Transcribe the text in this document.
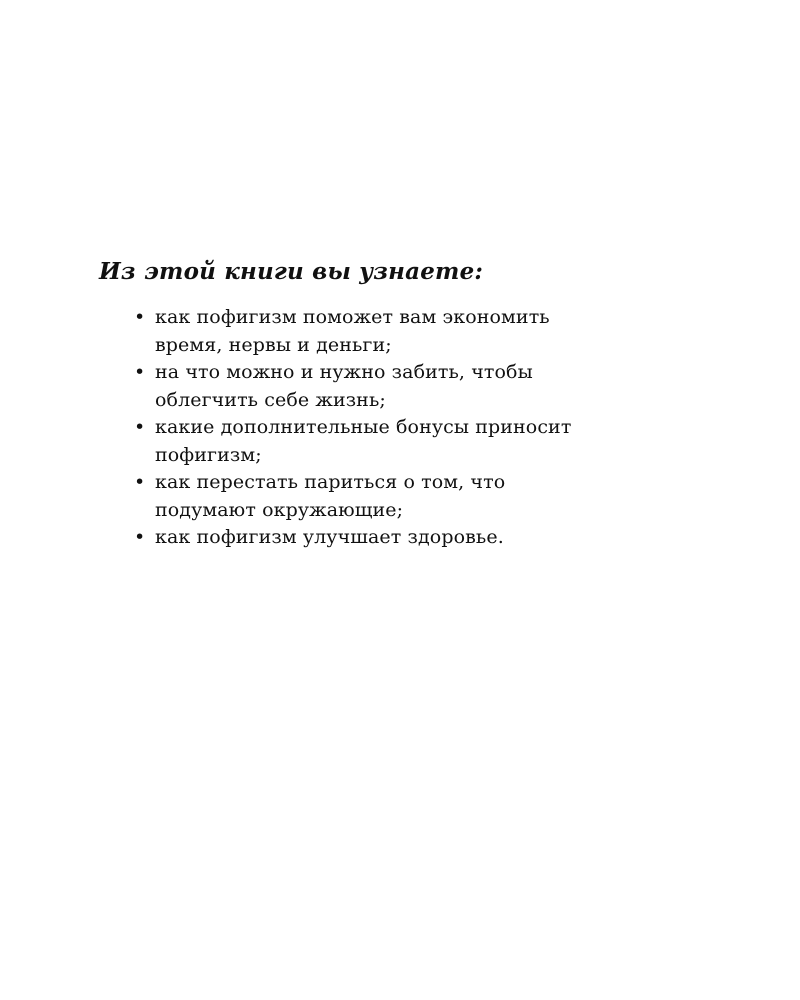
Из этой книги вы узнаете:
• как пофигизм поможет вам экономить
время, нервы и деньги;
• на что можно и нужно забить, чтобы
облегчить себе жизнь;
• какие дополнительные бонусы приносит
пофигизм;
• как перестать париться о том, что
подумают окружающие;
• как пофигизм улучшает здоровье.
